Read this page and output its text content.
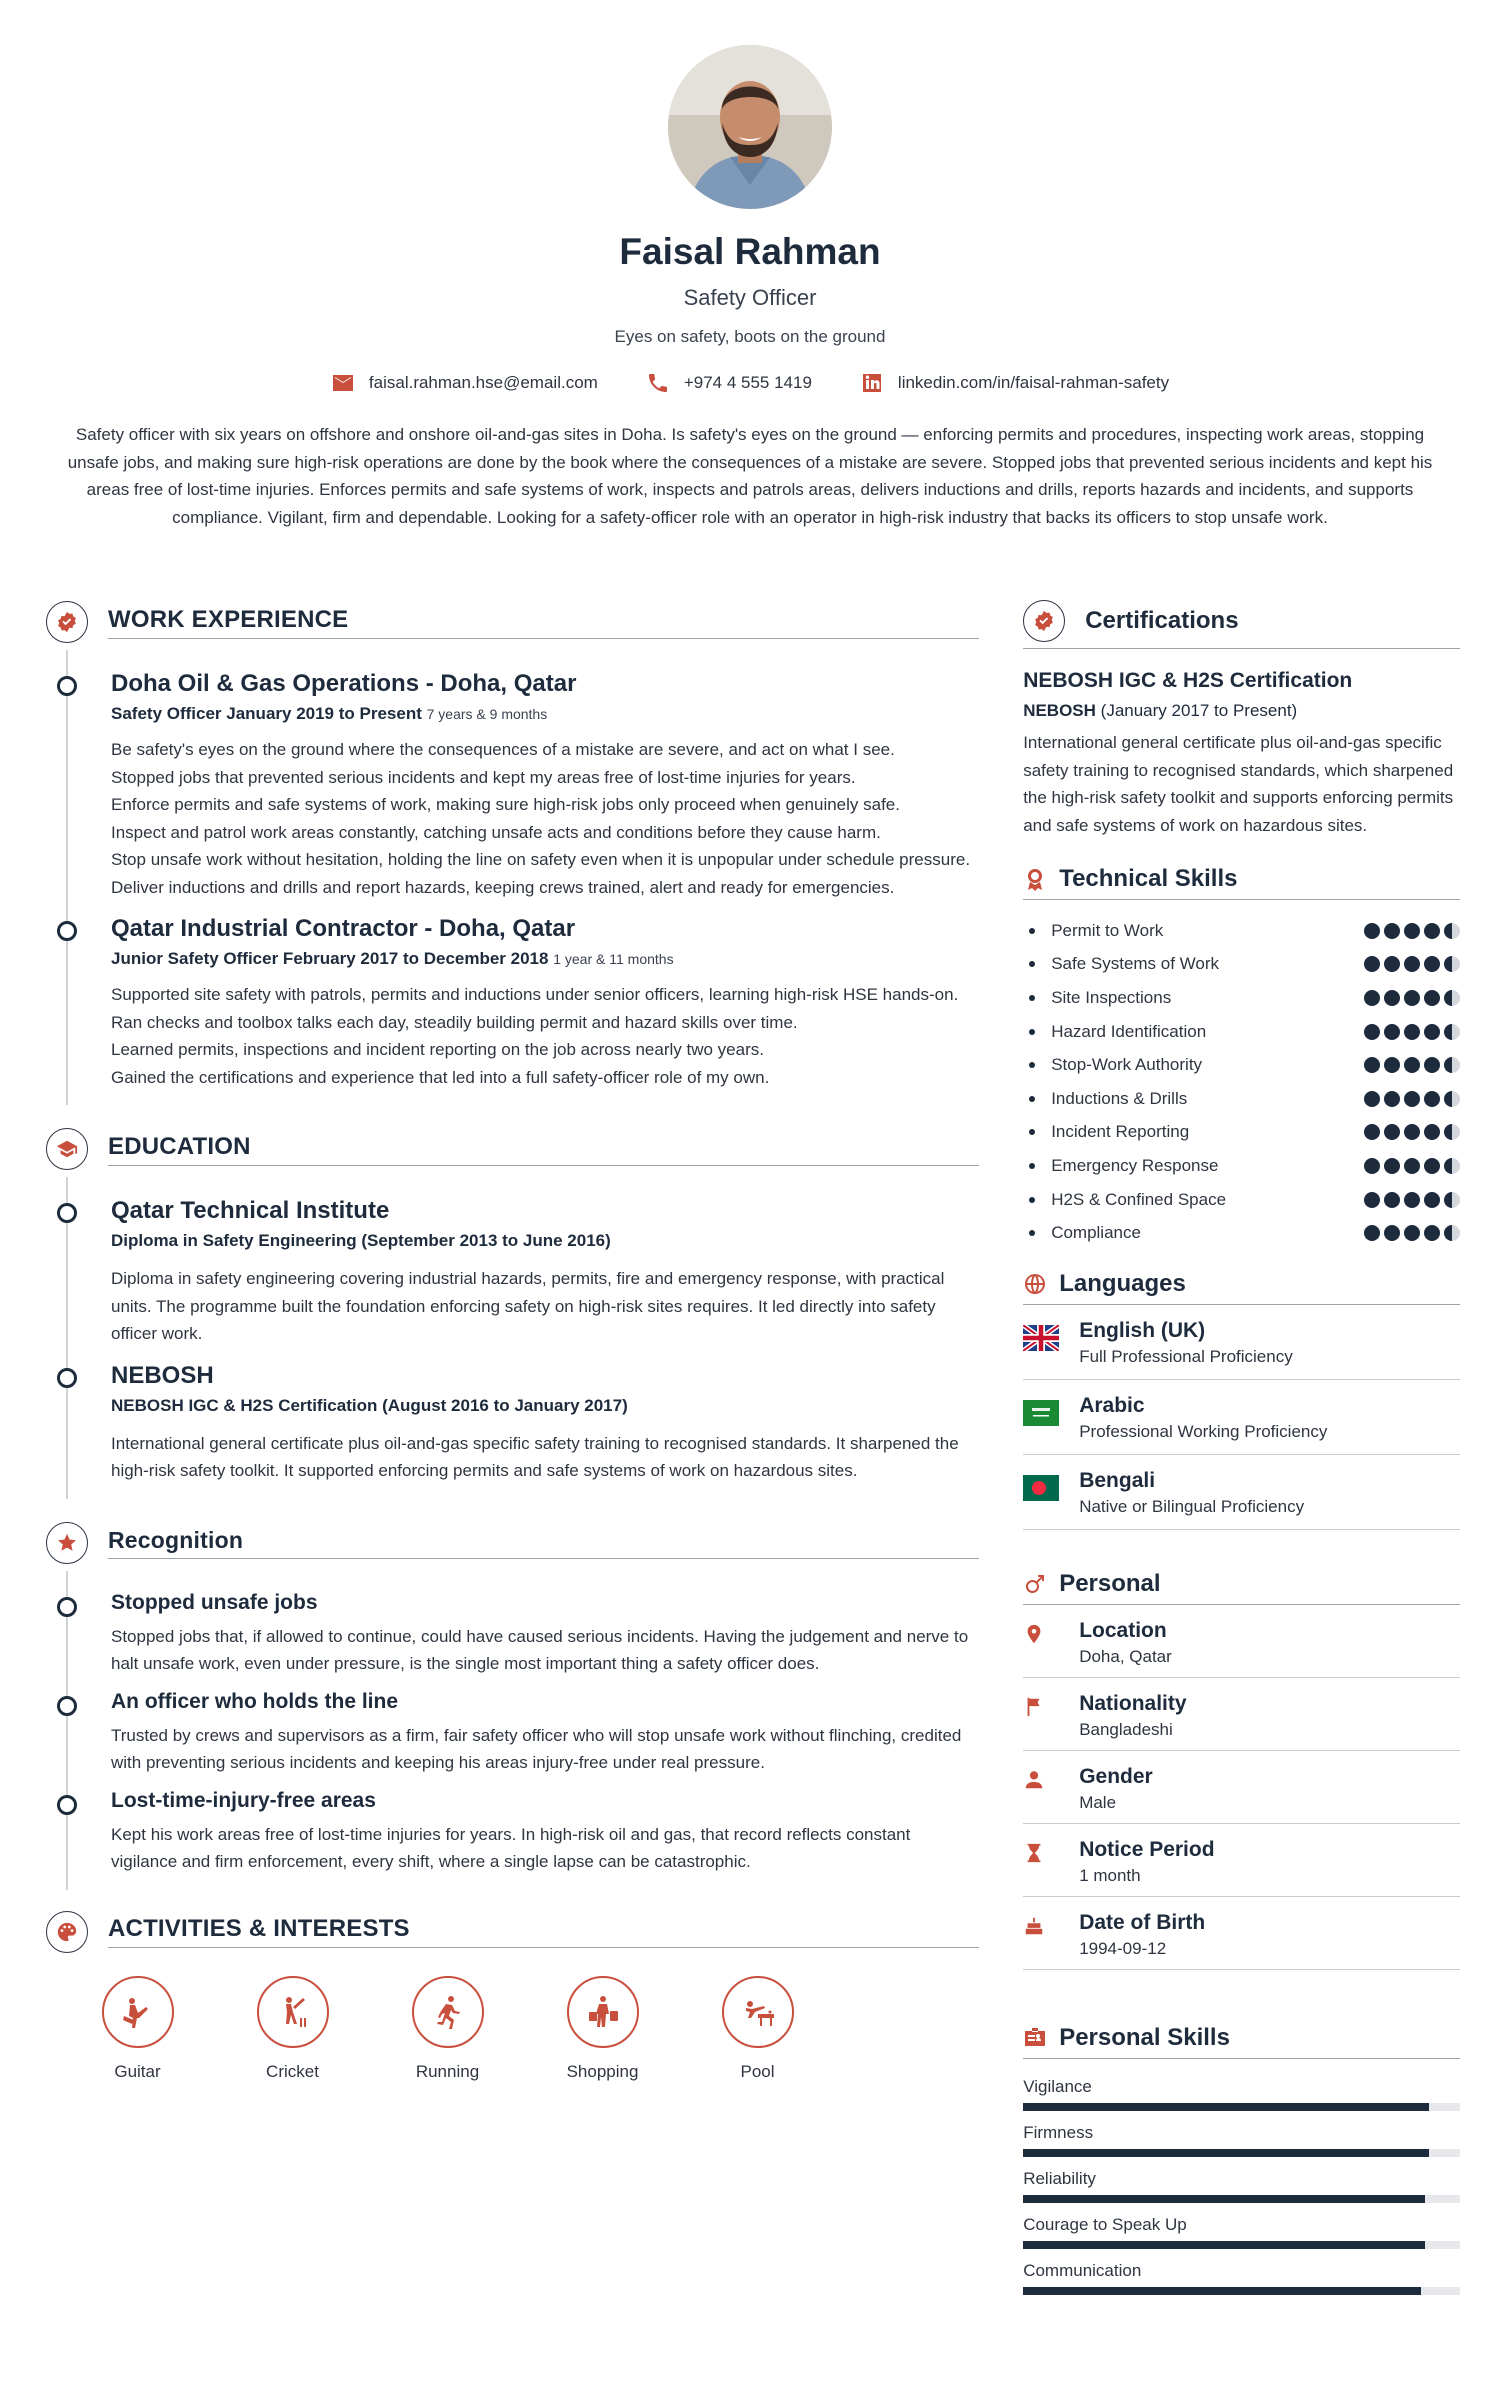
Faisal Rahman
Safety Officer
Eyes on safety, boots on the ground
faisal.rahman.hse@email.com	+974 4 555 1419	linkedin.com/in/faisal-rahman-safety
Safety officer with six years on offshore and onshore oil-and-gas sites in Doha. Is safety's eyes on the ground — enforcing permits and procedures, inspecting work areas, stopping unsafe jobs, and making sure high-risk operations are done by the book where the consequences of a mistake are severe. Stopped jobs that prevented serious incidents and kept his areas free of lost-time injuries. Enforces permits and safe systems of work, inspects and patrols areas, delivers inductions and drills, reports hazards and incidents, and supports compliance. Vigilant, firm and dependable. Looking for a safety-officer role with an operator in high-risk industry that backs its officers to stop unsafe work.
WORK EXPERIENCE
Doha Oil & Gas Operations - Doha, Qatar
Safety Officer January 2019 to Present 7 years & 9 months
Be safety's eyes on the ground where the consequences of a mistake are severe, and act on what I see.
Stopped jobs that prevented serious incidents and kept my areas free of lost-time injuries for years.
Enforce permits and safe systems of work, making sure high-risk jobs only proceed when genuinely safe.
Inspect and patrol work areas constantly, catching unsafe acts and conditions before they cause harm.
Stop unsafe work without hesitation, holding the line on safety even when it is unpopular under schedule pressure.
Deliver inductions and drills and report hazards, keeping crews trained, alert and ready for emergencies.
Qatar Industrial Contractor - Doha, Qatar
Junior Safety Officer February 2017 to December 2018 1 year & 11 months
Supported site safety with patrols, permits and inductions under senior officers, learning high-risk HSE hands-on.
Ran checks and toolbox talks each day, steadily building permit and hazard skills over time.
Learned permits, inspections and incident reporting on the job across nearly two years.
Gained the certifications and experience that led into a full safety-officer role of my own.
EDUCATION
Qatar Technical Institute
Diploma in Safety Engineering (September 2013 to June 2016)
Diploma in safety engineering covering industrial hazards, permits, fire and emergency response, with practical units. The programme built the foundation enforcing safety on high-risk sites requires. It led directly into safety officer work.
NEBOSH
NEBOSH IGC & H2S Certification (August 2016 to January 2017)
International general certificate plus oil-and-gas specific safety training to recognised standards. It sharpened the high-risk safety toolkit. It supported enforcing permits and safe systems of work on hazardous sites.
Recognition
Stopped unsafe jobs
Stopped jobs that, if allowed to continue, could have caused serious incidents. Having the judgement and nerve to halt unsafe work, even under pressure, is the single most important thing a safety officer does.
An officer who holds the line
Trusted by crews and supervisors as a firm, fair safety officer who will stop unsafe work without flinching, credited with preventing serious incidents and keeping his areas injury-free under real pressure.
Lost-time-injury-free areas
Kept his work areas free of lost-time injuries for years. In high-risk oil and gas, that record reflects constant vigilance and firm enforcement, every shift, where a single lapse can be catastrophic.
ACTIVITIES & INTERESTS
Guitar	Cricket	Running	Shopping	Pool
Certifications
NEBOSH IGC & H2S Certification
NEBOSH (January 2017 to Present)
International general certificate plus oil-and-gas specific safety training to recognised standards, which sharpened the high-risk safety toolkit and supports enforcing permits and safe systems of work on hazardous sites.
Technical Skills
Permit to Work
Safe Systems of Work
Site Inspections
Hazard Identification
Stop-Work Authority
Inductions & Drills
Incident Reporting
Emergency Response
H2S & Confined Space
Compliance
Languages
English (UK)
Full Professional Proficiency
Arabic
Professional Working Proficiency
Bengali
Native or Bilingual Proficiency
Personal
Location
Doha, Qatar
Nationality
Bangladeshi
Gender
Male
Notice Period
1 month
Date of Birth
1994-09-12
Personal Skills
Vigilance
Firmness
Reliability
Courage to Speak Up
Communication
